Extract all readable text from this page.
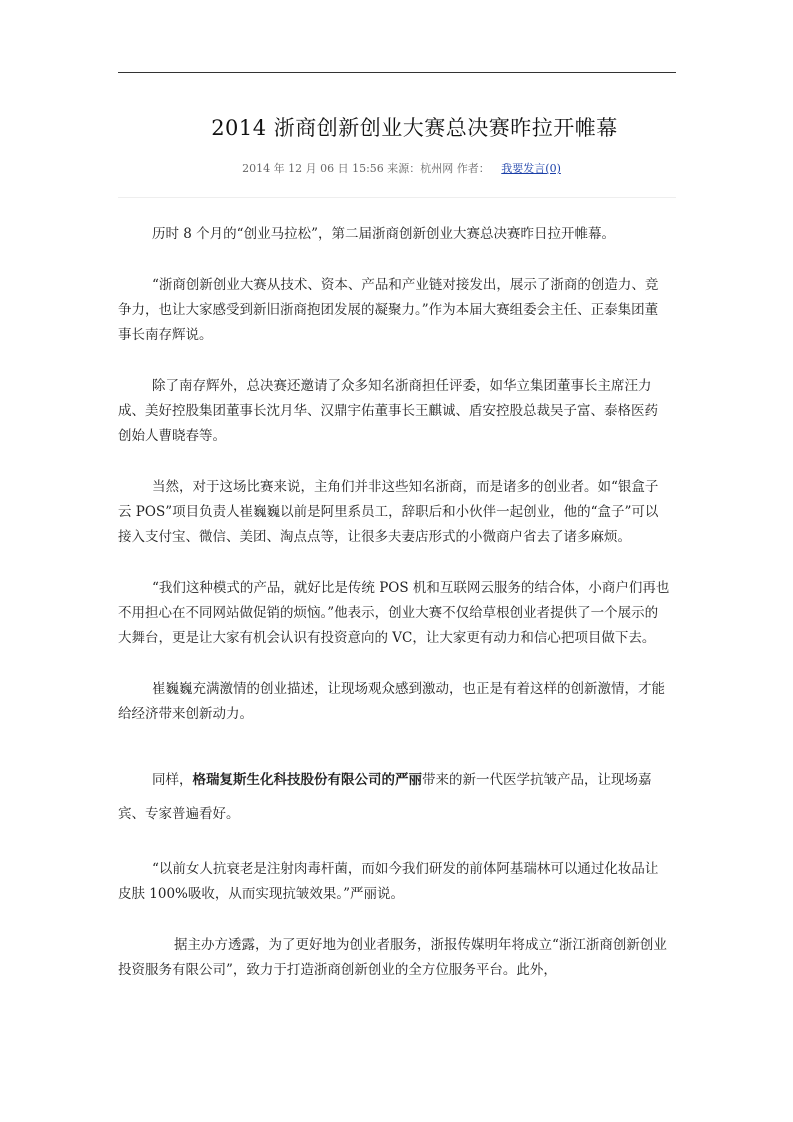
2014 浙商创新创业大赛总决赛昨拉开帷幕
2014 年 12 月 06 日 15:56 来源：杭州网 作者： 我要发言(0)

历时 8 个月的“创业马拉松”，第二届浙商创新创业大赛总决赛昨日拉开帷幕。

“浙商创新创业大赛从技术、资本、产品和产业链对接发出，展示了浙商的创造力、竞争力，也让大家感受到新旧浙商抱团发展的凝聚力。”作为本届大赛组委会主任、正泰集团董事长南存辉说。

除了南存辉外，总决赛还邀请了众多知名浙商担任评委，如华立集团董事长主席汪力成、美好控股集团董事长沈月华、汉鼎宇佑董事长王麒诚、盾安控股总裁吴子富、泰格医药创始人曹晓春等。

当然，对于这场比赛来说，主角们并非这些知名浙商，而是诸多的创业者。如“银盒子云 POS”项目负责人崔巍巍以前是阿里系员工，辞职后和小伙伴一起创业，他的“盒子”可以接入支付宝、微信、美团、淘点点等，让很多夫妻店形式的小微商户省去了诸多麻烦。

“我们这种模式的产品，就好比是传统 POS 机和互联网云服务的结合体，小商户们再也不用担心在不同网站做促销的烦恼。”他表示，创业大赛不仅给草根创业者提供了一个展示的大舞台，更是让大家有机会认识有投资意向的 VC，让大家更有动力和信心把项目做下去。

崔巍巍充满激情的创业描述，让现场观众感到激动，也正是有着这样的创新激情，才能给经济带来创新动力。

同样，格瑞复斯生化科技股份有限公司的严丽带来的新一代医学抗皱产品，让现场嘉宾、专家普遍看好。

“以前女人抗衰老是注射肉毒杆菌，而如今我们研发的前体阿基瑞林可以通过化妆品让皮肤 100%吸收，从而实现抗皱效果。”严丽说。

据主办方透露，为了更好地为创业者服务，浙报传媒明年将成立“浙江浙商创新创业投资服务有限公司”，致力于打造浙商创新创业的全方位服务平台。此外，
